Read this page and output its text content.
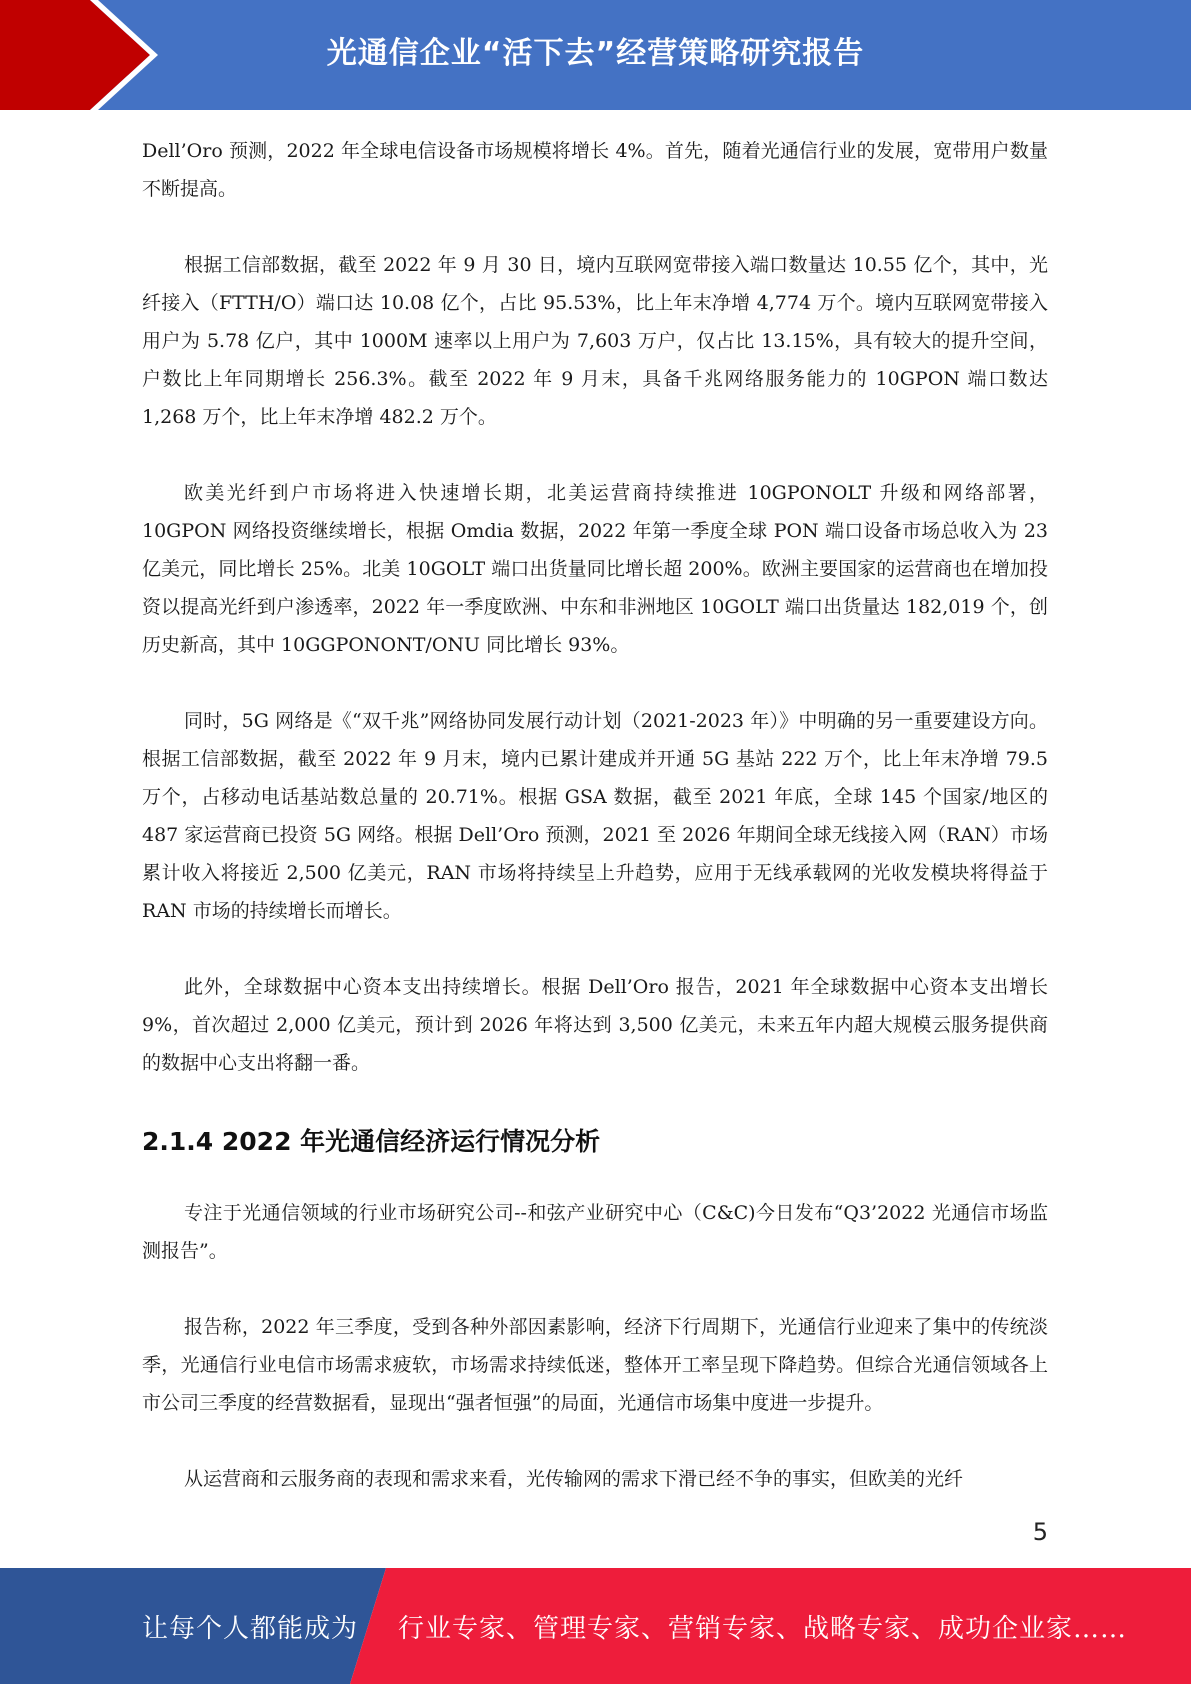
光通信企业“活下去”经营策略研究报告

Dell’Oro 预测，2022 年全球电信设备市场规模将增长 4%。首先，随着光通信行业的发展，宽带用户数量不断提高。

根据工信部数据，截至 2022 年 9 月 30 日，境内互联网宽带接入端口数量达 10.55 亿个，其中，光纤接入（FTTH/O）端口达 10.08 亿个，占比 95.53%，比上年末净增 4,774 万个。境内互联网宽带接入用户为 5.78 亿户，其中 1000M 速率以上用户为 7,603 万户，仅占比 13.15%，具有较大的提升空间，户数比上年同期增长 256.3%。截至 2022 年 9 月末，具备千兆网络服务能力的 10GPON 端口数达 1,268 万个，比上年末净增 482.2 万个。

欧美光纤到户市场将进入快速增长期，北美运营商持续推进 10GPONOLT 升级和网络部署，10GPON 网络投资继续增长，根据 Omdia 数据，2022 年第一季度全球 PON 端口设备市场总收入为 23 亿美元，同比增长 25%。北美 10GOLT 端口出货量同比增长超 200%。欧洲主要国家的运营商也在增加投资以提高光纤到户渗透率，2022 年一季度欧洲、中东和非洲地区 10GOLT 端口出货量达 182,019 个，创历史新高，其中 10GGPONONT/ONU 同比增长 93%。

同时，5G 网络是《“双千兆”网络协同发展行动计划（2021-2023 年）》中明确的另一重要建设方向。根据工信部数据，截至 2022 年 9 月末，境内已累计建成并开通 5G 基站 222 万个，比上年末净增 79.5 万个，占移动电话基站数总量的 20.71%。根据 GSA 数据，截至 2021 年底，全球 145 个国家/地区的 487 家运营商已投资 5G 网络。根据 Dell’Oro 预测，2021 至 2026 年期间全球无线接入网（RAN）市场累计收入将接近 2,500 亿美元，RAN 市场将持续呈上升趋势，应用于无线承载网的光收发模块将得益于 RAN 市场的持续增长而增长。

此外，全球数据中心资本支出持续增长。根据 Dell’Oro 报告，2021 年全球数据中心资本支出增长 9%，首次超过 2,000 亿美元，预计到 2026 年将达到 3,500 亿美元，未来五年内超大规模云服务提供商的数据中心支出将翻一番。

2.1.4 2022 年光通信经济运行情况分析

专注于光通信领域的行业市场研究公司--和弦产业研究中心（C&C)今日发布“Q3’2022 光通信市场监测报告”。

报告称，2022 年三季度，受到各种外部因素影响，经济下行周期下，光通信行业迎来了集中的传统淡季，光通信行业电信市场需求疲软，市场需求持续低迷，整体开工率呈现下降趋势。但综合光通信领域各上市公司三季度的经营数据看，显现出“强者恒强”的局面，光通信市场集中度进一步提升。

从运营商和云服务商的表现和需求来看，光传输网的需求下滑已经不争的事实，但欧美的光纤

5
让每个人都能成为 行业专家、管理专家、营销专家、战略专家、成功企业家……
